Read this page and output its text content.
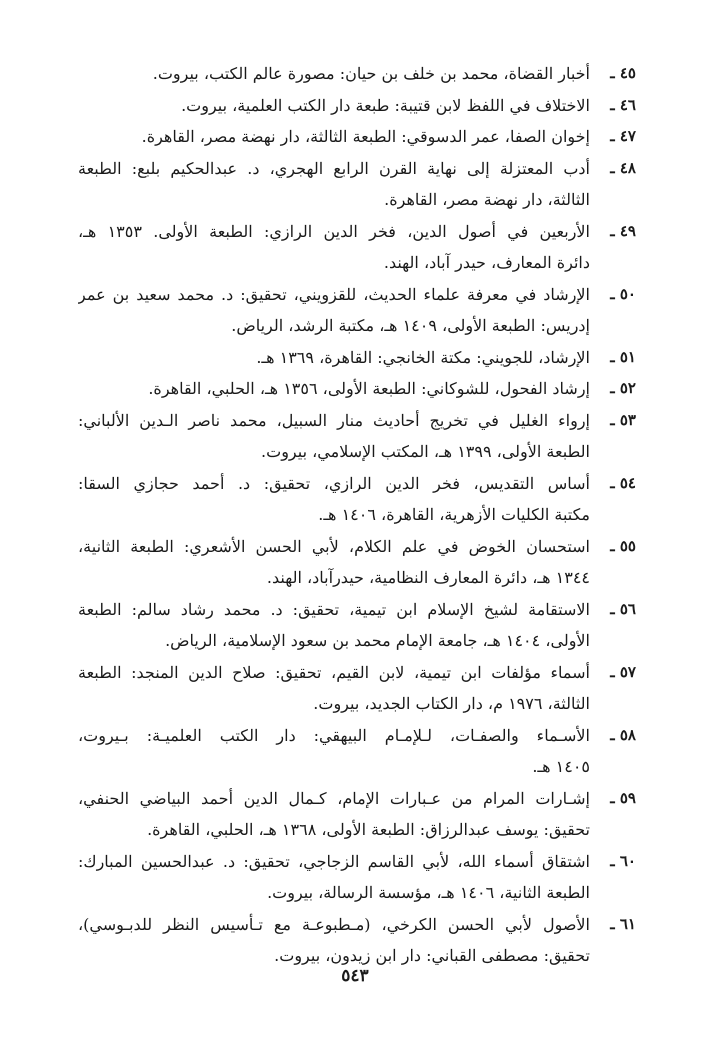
٤٥ ـ
أخبار القضاة، محمد بن خلف بن حيان: مصورة عالم الكتب، بيروت.
٤٦ ـ
الاختلاف في اللفظ لابن قتيبة: طبعة دار الكتب العلمية، بيروت.
٤٧ ـ
إخوان الصفا، عمر الدسوقي: الطبعة الثالثة، دار نهضة مصر، القاهرة.
٤٨ ـ
أدب المعتزلة إلى نهاية القرن الرابع الهجري، د. عبدالحكيم بلبع: الطبعة
الثالثة، دار نهضة مصر، القاهرة.
٤٩ ـ
الأربعين في أصول الدين، فخر الدين الرازي: الطبعة الأولى. ١٣٥٣ هـ،
دائرة المعارف، حيدر آباد، الهند.
٥٠ ـ
الإرشاد في معرفة علماء الحديث، للقزويني، تحقيق: د. محمد سعيد بن عمر
إدريس: الطبعة الأولى، ١٤٠٩ هـ، مكتبة الرشد، الرياض.
٥١ ـ
الإرشاد، للجويني: مكتة الخانجي: القاهرة، ١٣٦٩ هـ.
٥٢ ـ
إرشاد الفحول، للشوكاني: الطبعة الأولى، ١٣٥٦ هـ، الحلبي، القاهرة.
٥٣ ـ
إرواء الغليل في تخريج أحاديث منار السبيل، محمد ناصر الـدين الألباني:
الطبعة الأولى، ١٣٩٩ هـ، المكتب الإسلامي، بيروت.
٥٤ ـ
أساس التقديس، فخر الدين الرازي، تحقيق: د. أحمد حجازي السقا:
مكتبة الكليات الأزهرية، القاهرة، ١٤٠٦ هـ.
٥٥ ـ
استحسان الخوض في علم الكلام، لأبي الحسن الأشعري: الطبعة الثانية،
١٣٤٤ هـ، دائرة المعارف النظامية، حيدرآباد، الهند.
٥٦ ـ
الاستقامة لشيخ الإسلام ابن تيمية، تحقيق: د. محمد رشاد سالم: الطبعة
الأولى، ١٤٠٤ هـ، جامعة الإمام محمد بن سعود الإسلامية، الرياض.
٥٧ ـ
أسماء مؤلفات ابن تيمية، لابن القيم، تحقيق: صلاح الدين المنجد: الطبعة
الثالثة، ١٩٧٦ م، دار الكتاب الجديد، بيروت.
٥٨ ـ
الأسـماء والصفـات، لـلإمـام البيهقي: دار الكتب العلميـة: بـيروت،
١٤٠٥ هـ.
٥٩ ـ
إشـارات المرام من عـبارات الإمام، كـمال الدين أحمد البياضي الحنفي،
تحقيق: يوسف عبدالرزاق: الطبعة الأولى، ١٣٦٨ هـ، الحلبي، القاهرة.
٦٠ ـ
اشتقاق أسماء الله، لأبي القاسم الزجاجي، تحقيق: د. عبدالحسين المبارك:
الطبعة الثانية، ١٤٠٦ هـ، مؤسسة الرسالة، بيروت.
٦١ ـ
الأصول لأبي الحسن الكرخي، (مـطبوعـة مع تـأسيس النظر للدبـوسي)،
تحقيق: مصطفى القباني: دار ابن زيدون، بيروت.
٥٤٣
